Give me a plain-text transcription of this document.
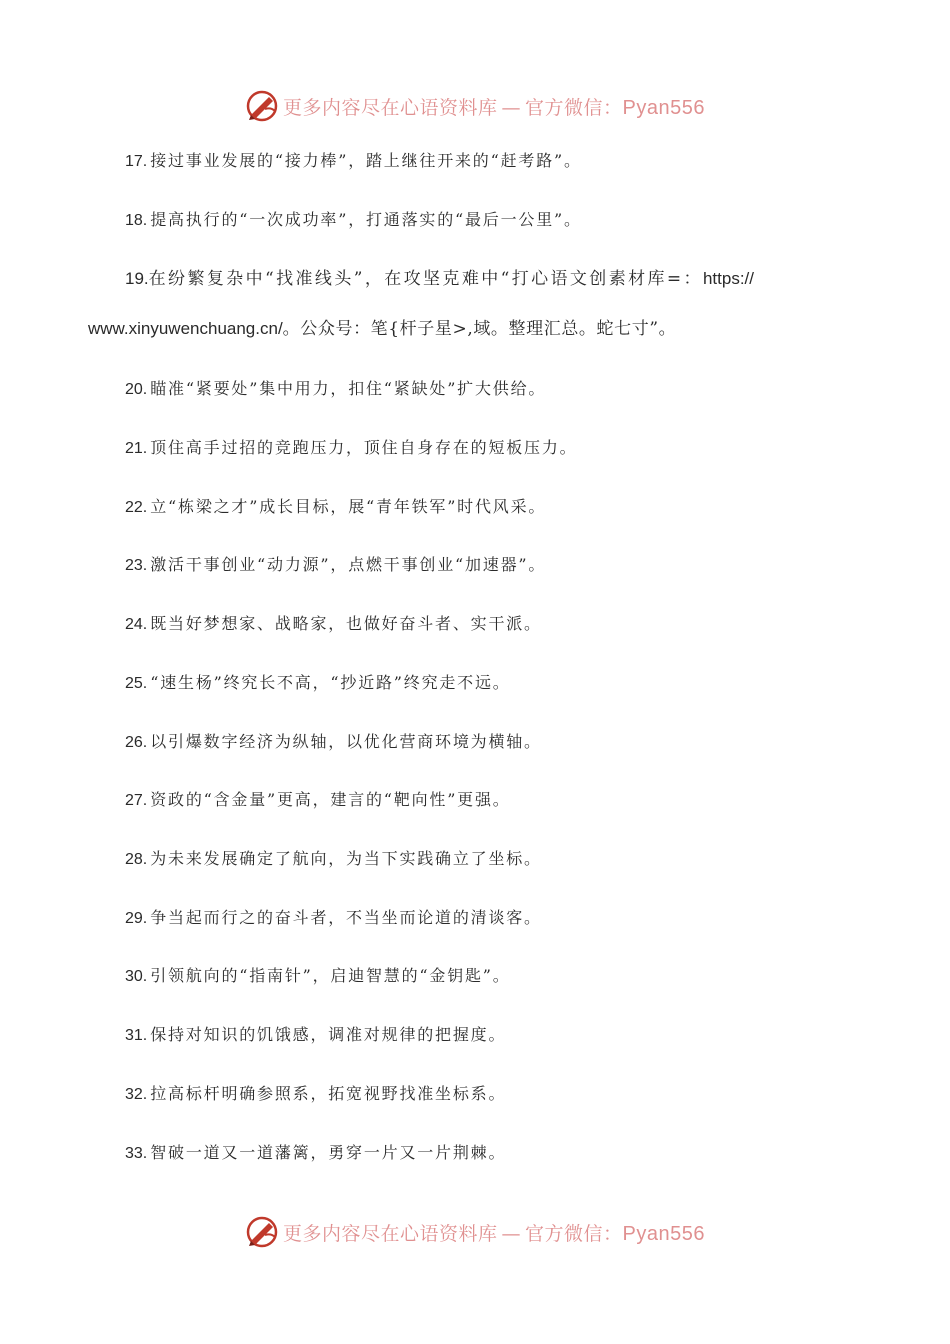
更多内容尽在心语资料库 — 官方微信：Pyan556
17. 接过事业发展的“接力棒”，踏上继往开来的“赶考路”。
18. 提高执行的“一次成功率”，打通落实的“最后一公里”。
19.在纷繁复杂中“找准线头”，在攻坚克难中“打心语文创素材库=：https://
www.xinyuwenchuang.cn/。公众号：笔{杆子星>,域。整理汇总。蛇七寸”。
20. 瞄准“紧要处”集中用力，扣住“紧缺处”扩大供给。
21. 顶住高手过招的竞跑压力，顶住自身存在的短板压力。
22. 立“栋梁之才”成长目标，展“青年铁军”时代风采。
23. 激活干事创业“动力源”，点燃干事创业“加速器”。
24. 既当好梦想家、战略家，也做好奋斗者、实干派。
25. “速生杨”终究长不高，“抄近路”终究走不远。
26. 以引爆数字经济为纵轴，以优化营商环境为横轴。
27. 资政的“含金量”更高，建言的“靶向性”更强。
28. 为未来发展确定了航向，为当下实践确立了坐标。
29. 争当起而行之的奋斗者，不当坐而论道的清谈客。
30. 引领航向的“指南针”，启迪智慧的“金钥匙”。
31. 保持对知识的饥饿感，调准对规律的把握度。
32. 拉高标杆明确参照系，拓宽视野找准坐标系。
33. 智破一道又一道藩篱，勇穿一片又一片荆棘。
更多内容尽在心语资料库 — 官方微信：Pyan556
